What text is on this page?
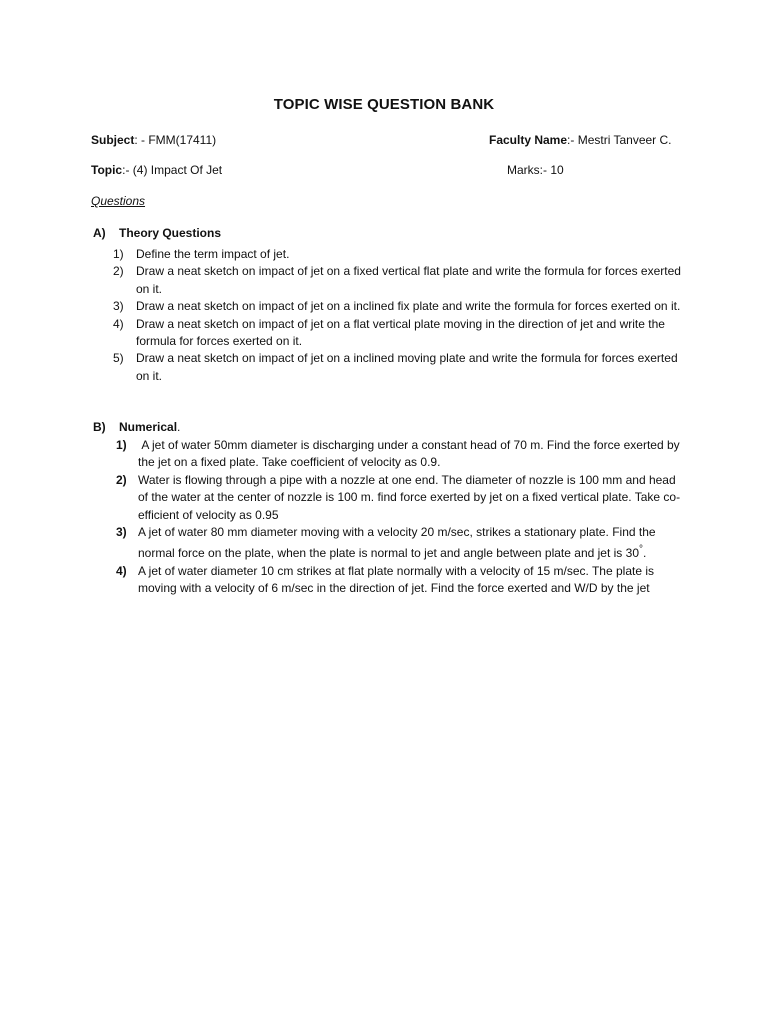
TOPIC WISE QUESTION BANK
Subject: - FMM(17411)	Faculty Name:- Mestri Tanveer C.
Topic:- (4) Impact Of Jet	Marks:- 10
Questions
A) Theory Questions
1)	Define the term impact of jet.
2)	Draw a neat sketch on impact of jet on a fixed vertical flat plate and write the formula for forces exerted on it.
3)	Draw a neat sketch on impact of jet on a inclined fix plate and write the formula for forces exerted on it.
4)	Draw a neat sketch on impact of jet on a flat vertical plate moving in the direction of jet and write the formula for forces exerted on it.
5)	Draw a neat sketch on impact of jet on a inclined moving plate and write the formula for forces exerted on it.
B) Numerical.
1) A jet of water 50mm diameter is discharging under a constant head of 70 m. Find the force exerted by the jet on a fixed plate. Take coefficient of velocity as 0.9.
2) Water is flowing through a pipe with a nozzle at one end. The diameter of nozzle is 100 mm and head of the water at the center of nozzle is 100 m. find force exerted by jet on a fixed vertical plate. Take co-efficient of velocity as 0.95
3) A jet of water 80 mm diameter moving with a velocity 20 m/sec, strikes a stationary plate. Find the normal force on the plate, when the plate is normal to jet and angle between plate and jet is 30°.
4) A jet of water diameter 10 cm strikes at flat plate normally with a velocity of 15 m/sec. The plate is moving with a velocity of 6 m/sec in the direction of jet. Find the force exerted and W/D by the jet
